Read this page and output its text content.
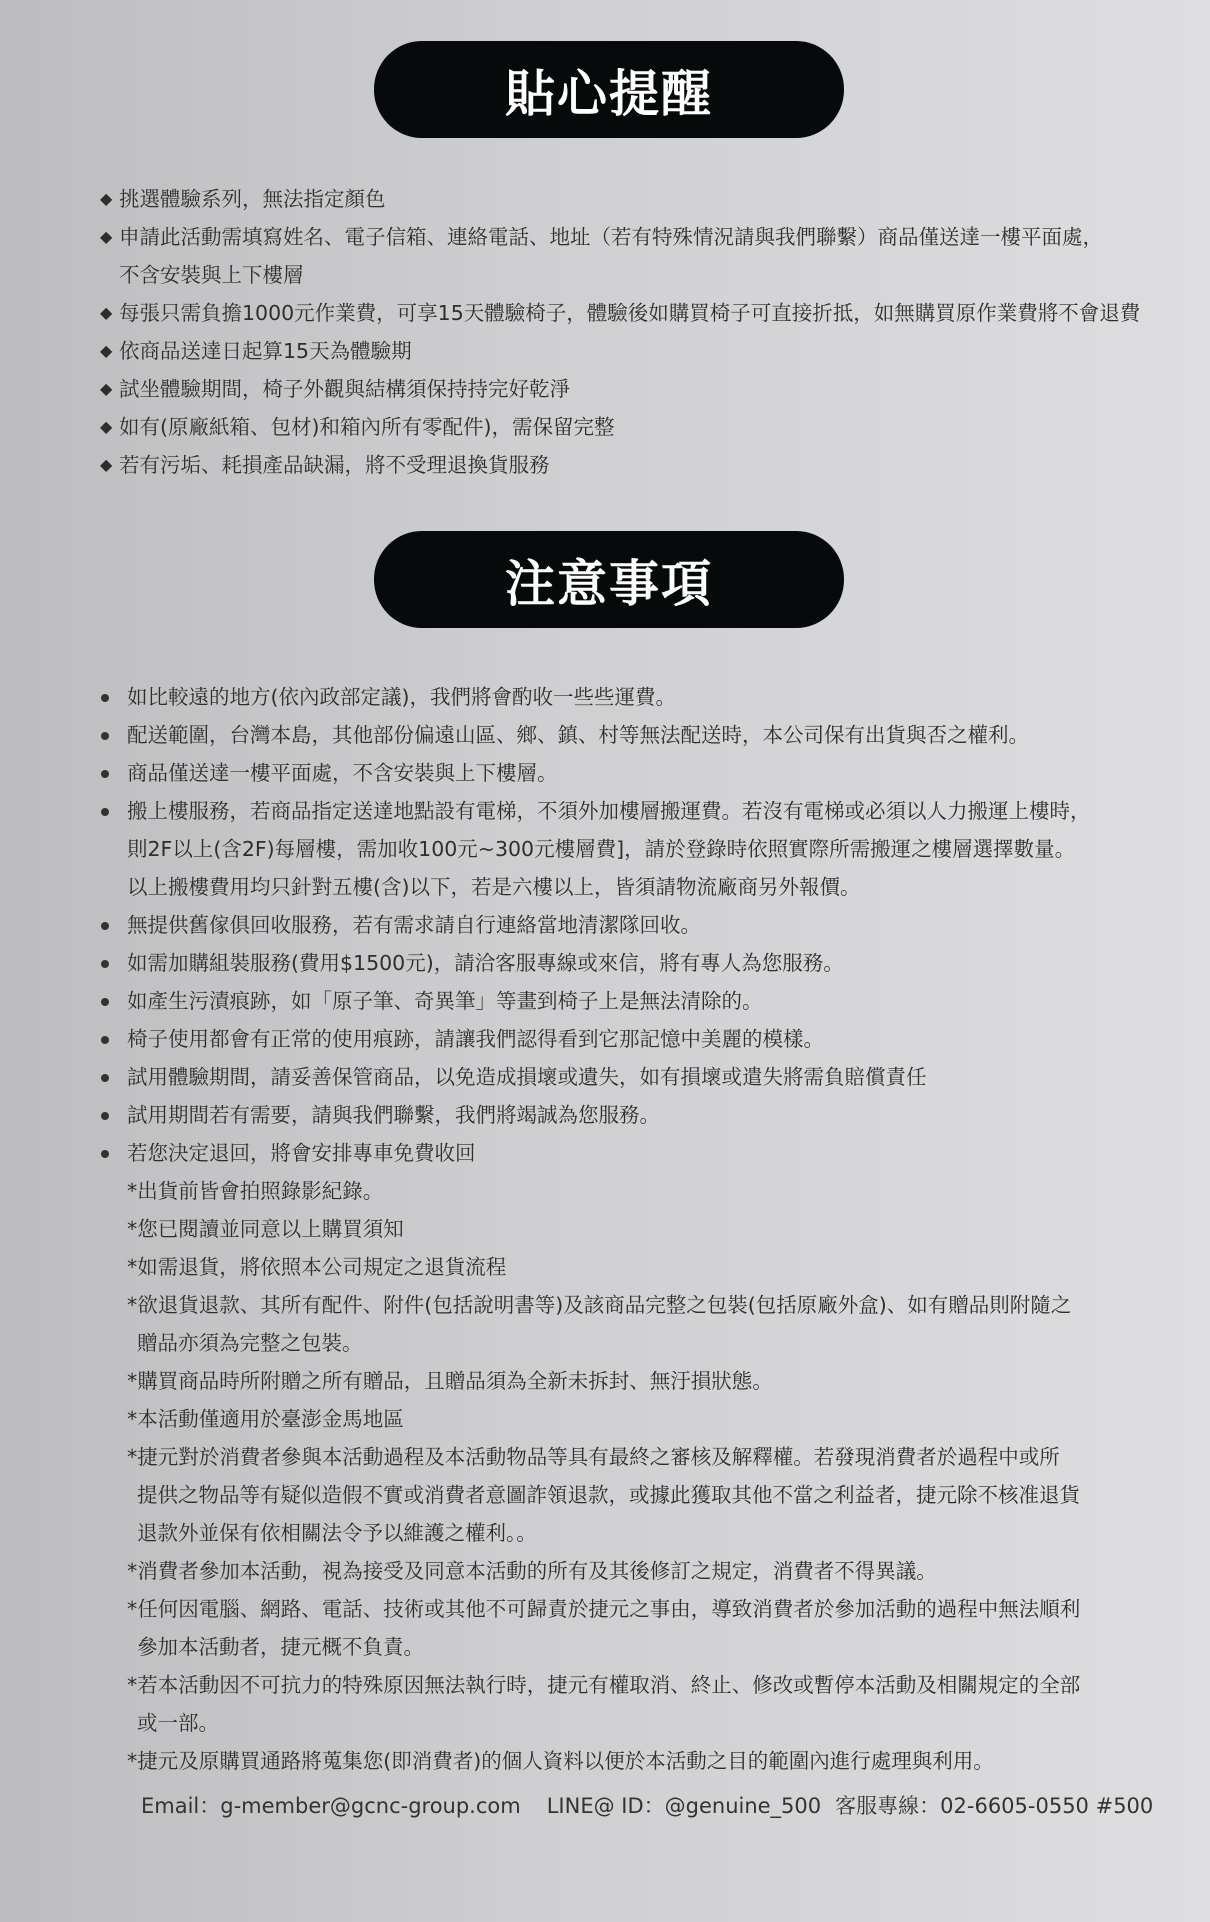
貼心提醒
◆ 挑選體驗系列，無法指定顏色
◆ 申請此活動需填寫姓名、電子信箱、連絡電話、地址（若有特殊情況請與我們聯繫）商品僅送達一樓平面處，
不含安裝與上下樓層
◆ 每張只需負擔1000元作業費，可享15天體驗椅子，體驗後如購買椅子可直接折抵，如無購買原作業費將不會退費
◆ 依商品送達日起算15天為體驗期
◆ 試坐體驗期間，椅子外觀與結構須保持持完好乾淨
◆ 如有(原廠紙箱、包材)和箱內所有零配件)，需保留完整
◆ 若有污垢、耗損產品缺漏，將不受理退換貨服務
注意事項
如比較遠的地方(依內政部定議)，我們將會酌收一些些運費。
配送範圍，台灣本島，其他部份偏遠山區、鄉、鎮、村等無法配送時，本公司保有出貨與否之權利。
商品僅送達一樓平面處，不含安裝與上下樓層。
搬上樓服務，若商品指定送達地點設有電梯，不須外加樓層搬運費。若沒有電梯或必須以人力搬運上樓時，
則2F以上(含2F)每層樓，需加收100元~300元樓層費]，請於登錄時依照實際所需搬運之樓層選擇數量。
以上搬樓費用均只針對五樓(含)以下，若是六樓以上，皆須請物流廠商另外報價。
無提供舊傢俱回收服務，若有需求請自行連絡當地清潔隊回收。
如需加購組裝服務(費用$1500元)，請洽客服專線或來信，將有專人為您服務。
如產生污漬痕跡，如「原子筆、奇異筆」等畫到椅子上是無法清除的。
椅子使用都會有正常的使用痕跡，請讓我們認得看到它那記憶中美麗的模樣。
試用體驗期間，請妥善保管商品，以免造成損壞或遺失，如有損壞或遣失將需負賠償責任
試用期間若有需要，請與我們聯繫，我們將竭誠為您服務。
若您決定退回，將會安排專車免費收回
*出貨前皆會拍照錄影紀錄。
*您已閱讀並同意以上購買須知
*如需退貨，將依照本公司規定之退貨流程
*欲退貨退款、其所有配件、附件(包括說明書等)及該商品完整之包裝(包括原廠外盒)、如有贈品則附隨之
贈品亦須為完整之包裝。
*購買商品時所附贈之所有贈品，且贈品須為全新未拆封、無汙損狀態。
*本活動僅適用於臺澎金馬地區
*捷元對於消費者參與本活動過程及本活動物品等具有最終之審核及解釋權。若發現消費者於過程中或所
提供之物品等有疑似造假不實或消費者意圖詐領退款，或據此獲取其他不當之利益者，捷元除不核准退貨
退款外並保有依相關法令予以維護之權利。。
*消費者參加本活動，視為接受及同意本活動的所有及其後修訂之規定，消費者不得異議。
*任何因電腦、網路、電話、技術或其他不可歸責於捷元之事由，導致消費者於參加活動的過程中無法順利
參加本活動者，捷元概不負責。
*若本活動因不可抗力的特殊原因無法執行時，捷元有權取消、終止、修改或暫停本活動及相關規定的全部
或一部。
*捷元及原購買通路將蒐集您(即消費者)的個人資料以便於本活動之目的範圍內進行處理與利用。
Email：g-member@gcnc-group.com LINE@ ID：@genuine_500 客服專線：02-6605-0550 #500
